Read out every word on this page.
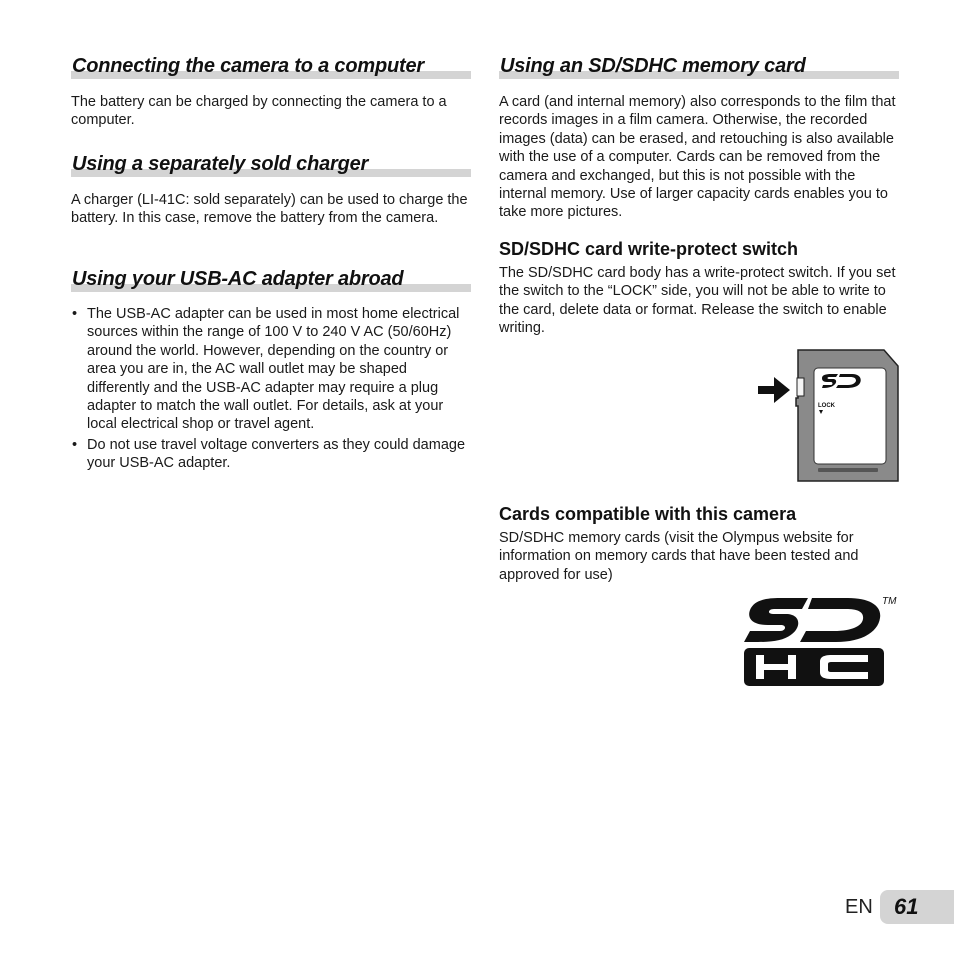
Connecting the camera to a computer

The battery can be charged by connecting the camera to a computer.

Using a separately sold charger

A charger (LI-41C: sold separately) can be used to charge the battery. In this case, remove the battery from the camera.

Using your USB-AC adapter abroad
• The USB-AC adapter can be used in most home electrical sources within the range of 100 V to 240 V AC (50/60Hz) around the world. However, depending on the country or area you are in, the AC wall outlet may be shaped differently and the USB-AC adapter may require a plug adapter to match the wall outlet. For details, ask at your local electrical shop or travel agent.
• Do not use travel voltage converters as they could damage your USB-AC adapter.
Using an SD/SDHC memory card

A card (and internal memory) also corresponds to the film that records images in a film camera. Otherwise, the recorded images (data) can be erased, and retouching is also available with the use of a computer. Cards can be removed from the camera and exchanged, but this is not possible with the internal memory. Use of larger capacity cards enables you to take more pictures.

SD/SDHC card write-protect switch

The SD/SDHC card body has a write-protect switch. If you set the switch to the “LOCK” side, you will not be able to write to the card, delete data or format. Release the switch to enable writing.

Cards compatible with this camera

SD/SDHC memory cards (visit the Olympus website for information on memory cards that have been tested and approved for use)

LOCK
TM
EN 61
